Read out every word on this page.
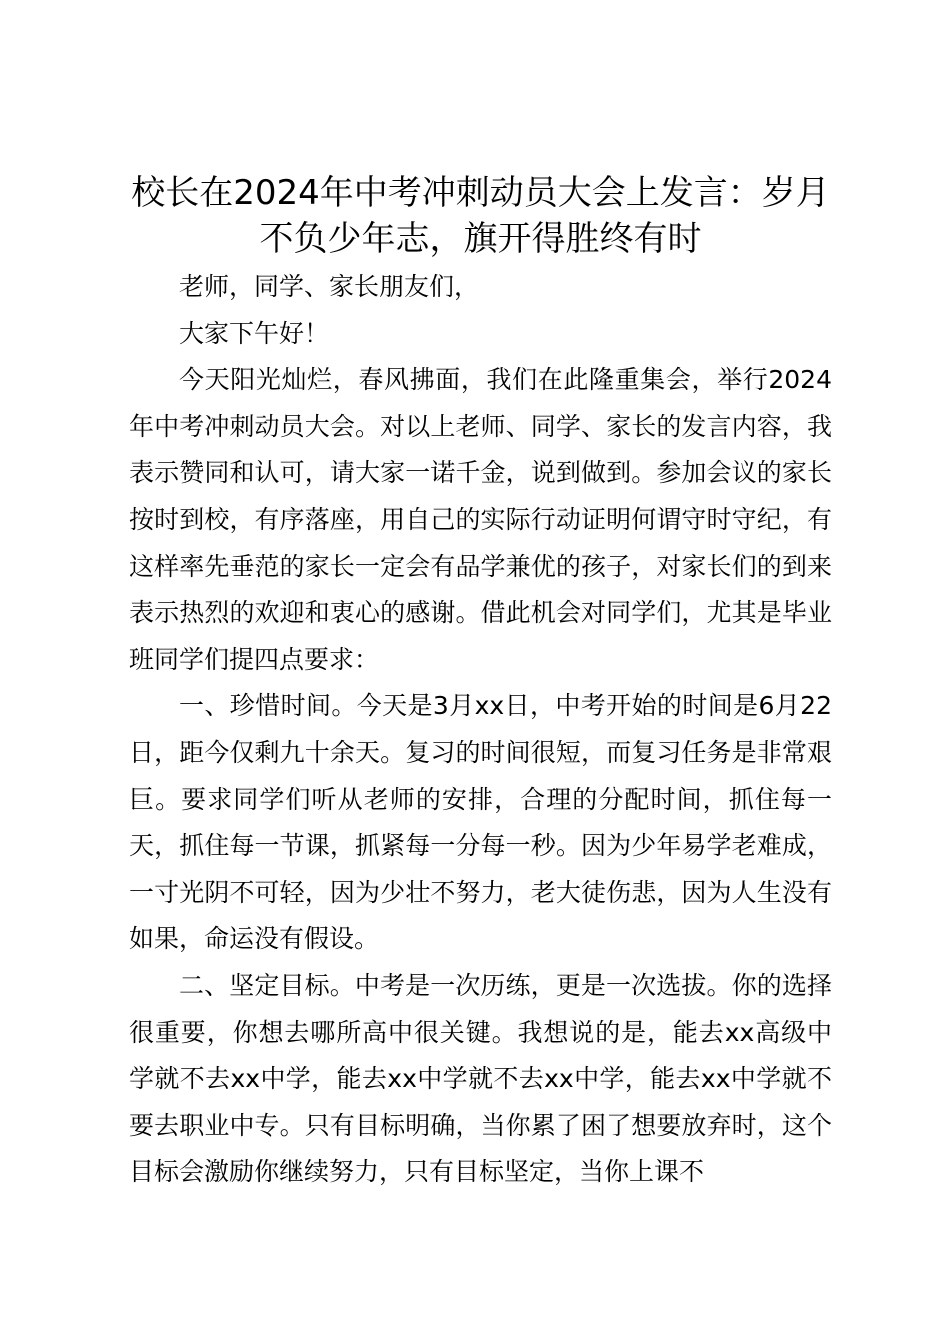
校长在2024年中考冲刺动员大会上发言：岁月不负少年志，旗开得胜终有时

老师，同学、家长朋友们，

大家下午好！

今天阳光灿烂，春风拂面，我们在此隆重集会，举行2024年中考冲刺动员大会。对以上老师、同学、家长的发言内容，我表示赞同和认可，请大家一诺千金，说到做到。参加会议的家长按时到校，有序落座，用自己的实际行动证明何谓守时守纪，有这样率先垂范的家长一定会有品学兼优的孩子，对家长们的到来表示热烈的欢迎和衷心的感谢。借此机会对同学们，尤其是毕业班同学们提四点要求：

一、珍惜时间。今天是3月xx日，中考开始的时间是6月22日，距今仅剩九十余天。复习的时间很短，而复习任务是非常艰巨。要求同学们听从老师的安排，合理的分配时间，抓住每一天，抓住每一节课，抓紧每一分每一秒。因为少年易学老难成，一寸光阴不可轻，因为少壮不努力，老大徒伤悲，因为人生没有如果，命运没有假设。

二、坚定目标。中考是一次历练，更是一次选拔。你的选择很重要，你想去哪所高中很关键。我想说的是，能去xx高级中学就不去xx中学，能去xx中学就不去xx中学，能去xx中学就不要去职业中专。只有目标明确，当你累了困了想要放弃时，这个目标会激励你继续努力，只有目标坚定，当你上课不
